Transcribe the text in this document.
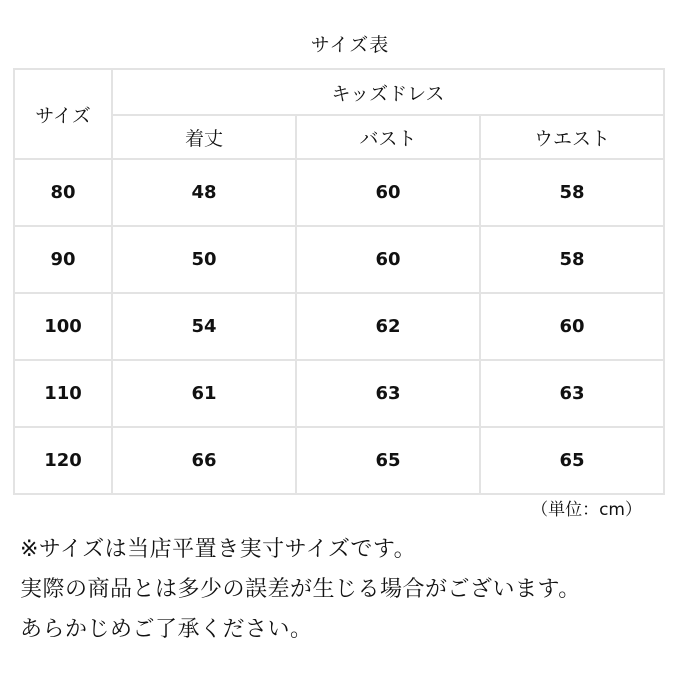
サイズ表
サイズ	キッズドレス		
	着丈	バスト	ウエスト
80	48	60	58
90	50	60	58
100	54	62	60
110	61	63	63
120	66	65	65
（単位：cm）
※サイズは当店平置き実寸サイズです。
実際の商品とは多少の誤差が生じる場合がございます。
あらかじめご了承ください。
